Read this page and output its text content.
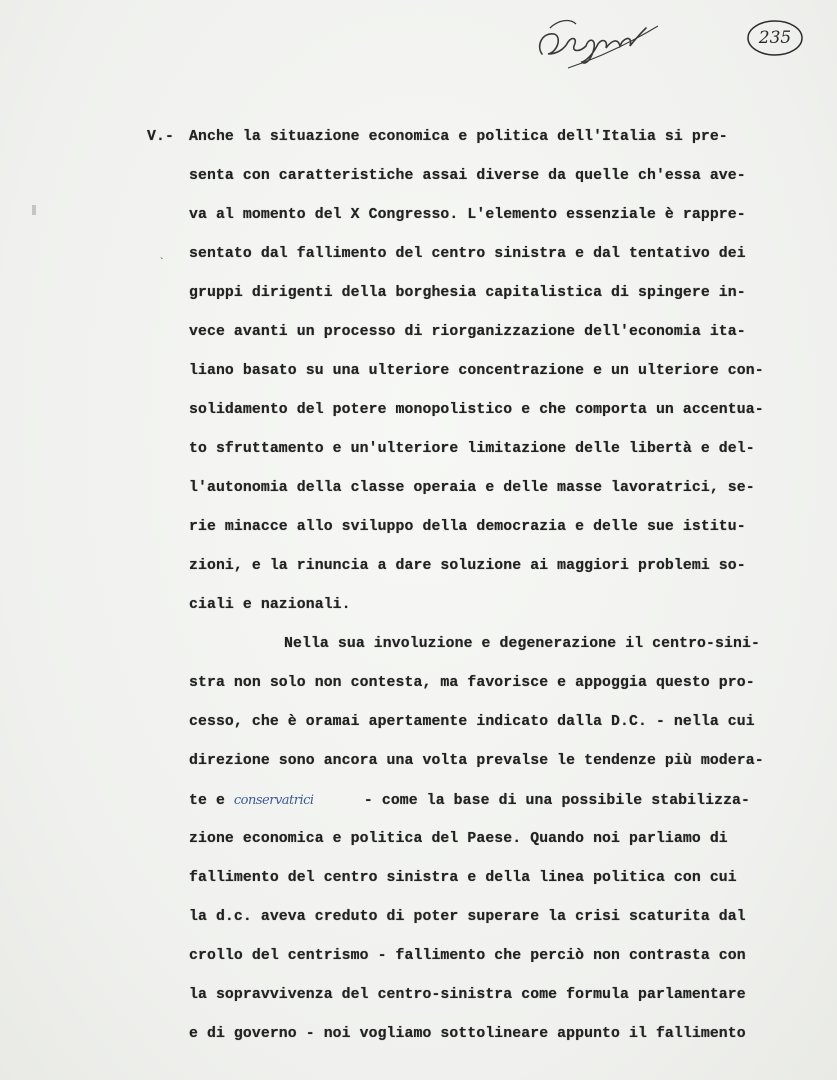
235
`
V.- Anche la situazione economica e politica dell'Italia si pre-
senta con caratteristiche assai diverse da quelle ch'essa ave-
va al momento del X Congresso. L'elemento essenziale è rappre-
sentato dal fallimento del centro sinistra e dal tentativo dei
gruppi dirigenti della borghesia capitalistica di spingere in-
vece avanti un processo di riorganizzazione dell'economia ita-
liano basato su una ulteriore concentrazione e un ulteriore con-
solidamento del potere monopolistico e che comporta un accentua-
to sfruttamento e un'ulteriore limitazione delle libertà e del-
l'autonomia della classe operaia e delle masse lavoratrici, se-
rie minacce allo sviluppo della democrazia e delle sue istitu-
zioni, e la rinuncia a dare soluzione ai maggiori problemi so-
ciali e nazionali.
Nella sua involuzione e degenerazione il centro-sini-
stra non solo non contesta, ma favorisce e appoggia questo pro-
cesso, che è oramai apertamente indicato dalla D.C. - nella cui
direzione sono ancora una volta prevalse le tendenze più modera-
te e conservatrici	- come la base di una possibile stabilizza-
zione economica e politica del Paese. Quando noi parliamo di
fallimento del centro sinistra e della linea politica con cui
la d.c. aveva creduto di poter superare la crisi scaturita dal
crollo del centrismo - fallimento che perciò non contrasta con
la sopravvivenza del centro-sinistra come formula parlamentare
e di governo - noi vogliamo sottolineare appunto il fallimento
